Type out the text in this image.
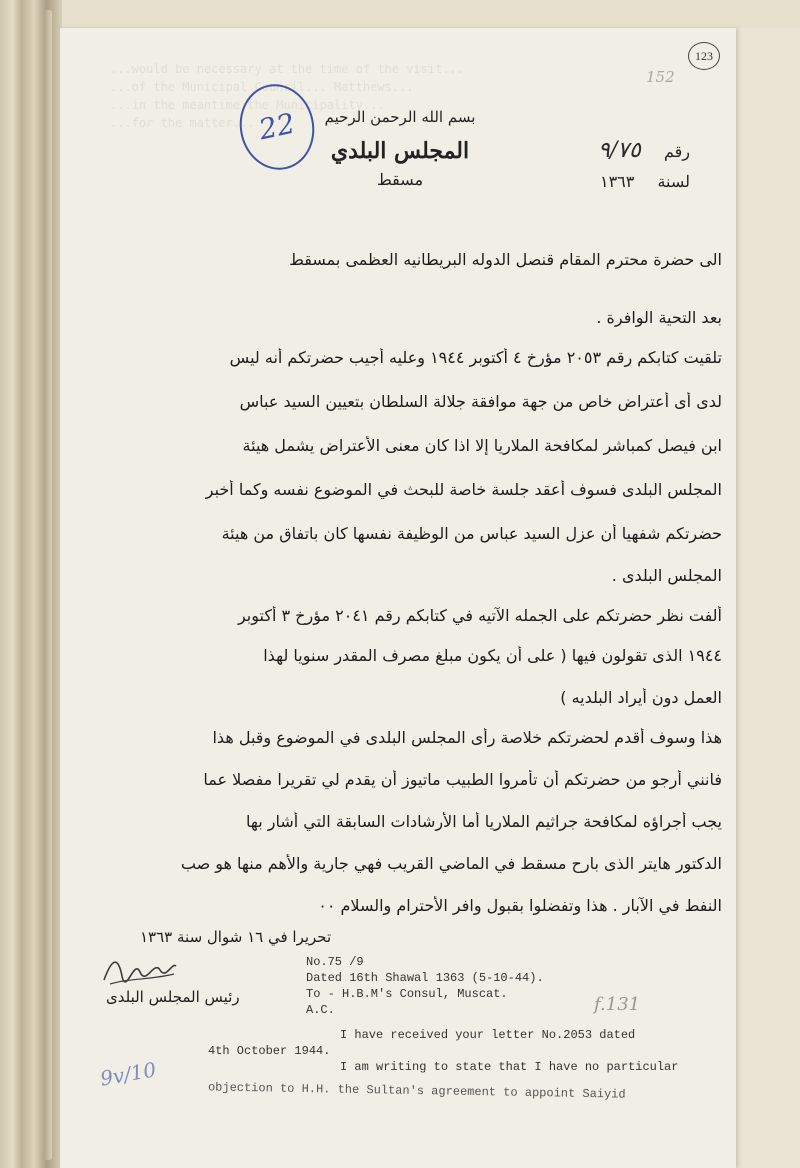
...would be necessary at the time of the visit...
...of the Municipal Council... Matthews...
...in the meantime the Municipality...
...for the matter...
123
152
22	بسم الله الرحمن الرحيم
المجلس البلدي
مسقط
رقم ٩/٧٥
لسنة ١٣٦٣
الى حضرة محترم المقام قنصل الدوله البريطانيه العظمى بمسقط
بعد التحية الوافرة .
تلقيت كتابكم رقم ٢٠٥٣ مؤرخ ٤ أكتوبر ١٩٤٤ وعليه أجيب حضرتكم أنه ليس
لدى أى أعتراض خاص من جهة موافقة جلالة السلطان بتعيين السيد عباس
ابن فيصل كمباشر لمكافحة الملاريا إلا اذا كان معنى الأعتراض يشمل هيئة
المجلس البلدى فسوف أعقد جلسة خاصة للبحث في الموضوع نفسه وكما أخبر
حضرتكم شفهيا أن عزل السيد عباس من الوظيفة نفسها كان باتفاق من هيئة
المجلس البلدى .
ألفت نظر حضرتكم على الجمله الآتيه في كتابكم رقم ٢٠٤١ مؤرخ ٣ أكتوبر
١٩٤٤ الذى تقولون فيها ( على أن يكون مبلغ مصرف المقدر سنويا لهذا
العمل دون أيراد البلديه )
هذا وسوف أقدم لحضرتكم خلاصة رأى المجلس البلدى في الموضوع وقبل هذا
فانني أرجو من حضرتكم أن تأمروا الطبيب ماتيوز أن يقدم لي تقريرا مفصلا عما
يجب أجراؤه لمكافحة جراثيم الملاريا أما الأرشادات السابقة التي أشار بها
الدكتور هايتر الذى بارح مسقط في الماضي القريب فهي جارية والأهم منها هو صب
النفط في الآبار . هذا وتفضلوا بقبول وافر الأحترام والسلام ٠٠
تحريرا في ١٦ شوال سنة ١٣٦٣
رئيس المجلس البلدى
No.75 /9
Dated 16th Shawal 1363 (5-10-44).
To - H.B.M's Consul, Muscat.
A.C.	f.131
I have received your letter No.2053 dated
4th October 1944.
I am writing to state that I have no particular
objection to H.H. the Sultan's agreement to appoint Saiyid
9v/10
